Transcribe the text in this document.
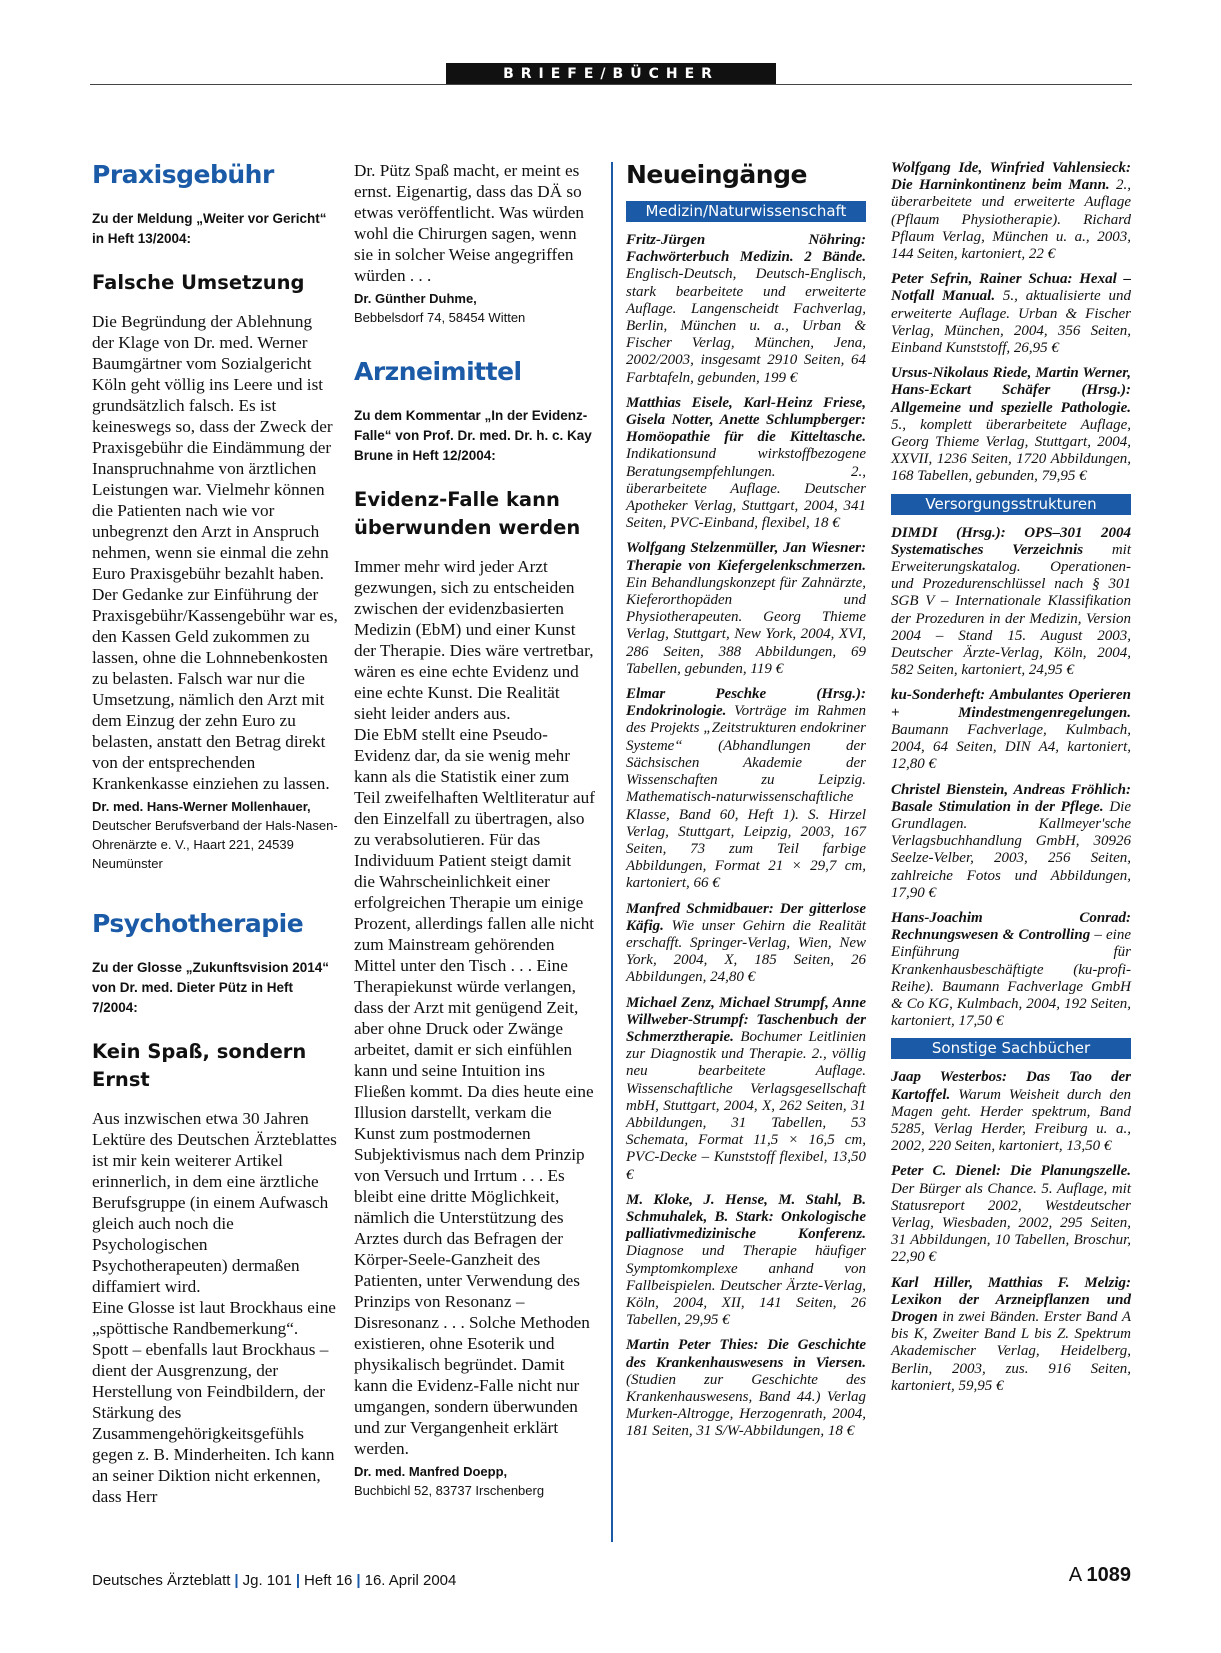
BRIEFE/BÜCHER
Praxisgebühr
Zu der Meldung „Weiter vor Gericht“ in Heft 13/2004:
Falsche Umsetzung

Die Begründung der Ablehnung der Klage von Dr. med. Werner Baumgärtner vom Sozialgericht Köln geht völlig ins Leere und ist grundsätzlich falsch. Es ist keineswegs so, dass der Zweck der Praxisgebühr die Eindämmung der Inanspruchnahme von ärztlichen Leistungen war. Vielmehr können die Patienten nach wie vor unbegrenzt den Arzt in Anspruch nehmen, wenn sie einmal die zehn Euro Praxisgebühr bezahlt haben.

Der Gedanke zur Einführung der Praxisgebühr/Kassengebühr war es, den Kassen Geld zukommen zu lassen, ohne die Lohnnebenkosten zu belasten. Falsch war nur die Umsetzung, nämlich den Arzt mit dem Einzug der zehn Euro zu belasten, anstatt den Betrag direkt von der entsprechenden Krankenkasse einziehen zu lassen.

Dr. med. Hans-Werner Mollenhauer,
Deutscher Berufsverband der Hals-Nasen-Ohrenärzte e. V., Haart 221, 24539 Neumünster
Psychotherapie
Zu der Glosse „Zukunftsvision 2014“ von Dr. med. Dieter Pütz in Heft 7/2004:
Kein Spaß, sondern Ernst

Aus inzwischen etwa 30 Jahren Lektüre des Deutschen Ärzteblattes ist mir kein weiterer Artikel erinnerlich, in dem eine ärztliche Berufsgruppe (in einem Aufwasch gleich auch noch die Psychologischen Psychotherapeuten) dermaßen diffamiert wird.

Eine Glosse ist laut Brockhaus eine „spöttische Randbemerkung“. Spott – ebenfalls laut Brockhaus – dient der Ausgrenzung, der Herstellung von Feindbildern, der Stärkung des Zusammengehörigkeitsgefühls gegen z. B. Minderheiten. Ich kann an seiner Diktion nicht erkennen, dass Herr

Dr. Pütz Spaß macht, er meint es ernst. Eigenartig, dass das DÄ so etwas veröffentlicht. Was würden wohl die Chirurgen sagen, wenn sie in solcher Weise angegriffen würden . . .

Dr. Günther Duhme,
Bebbelsdorf 74, 58454 Witten
Arzneimittel
Zu dem Kommentar „In der Evidenz-Falle“ von Prof. Dr. med. Dr. h. c. Kay Brune in Heft 12/2004:
Evidenz-Falle kann überwunden werden

Immer mehr wird jeder Arzt gezwungen, sich zu entscheiden zwischen der evidenzbasierten Medizin (EbM) und einer Kunst der Therapie. Dies wäre vertretbar, wären es eine echte Evidenz und eine echte Kunst. Die Realität sieht leider anders aus.

Die EbM stellt eine Pseudo-Evidenz dar, da sie wenig mehr kann als die Statistik einer zum Teil zweifelhaften Weltliteratur auf den Einzelfall zu übertragen, also zu verabsolutieren. Für das Individuum Patient steigt damit die Wahrscheinlichkeit einer erfolgreichen Therapie um einige Prozent, allerdings fallen alle nicht zum Mainstream gehörenden Mittel unter den Tisch . . . Eine Therapiekunst würde verlangen, dass der Arzt mit genügend Zeit, aber ohne Druck oder Zwänge arbeitet, damit er sich einfühlen kann und seine Intuition ins Fließen kommt. Da dies heute eine Illusion darstellt, verkam die Kunst zum postmodernen Subjektivismus nach dem Prinzip von Versuch und Irrtum . . . Es bleibt eine dritte Möglichkeit, nämlich die Unterstützung des Arztes durch das Befragen der Körper-Seele-Ganzheit des Patienten, unter Verwendung des Prinzips von Resonanz – Disresonanz . . . Solche Methoden existieren, ohne Esoterik und physikalisch begründet. Damit kann die Evidenz-Falle nicht nur umgangen, sondern überwunden und zur Vergangenheit erklärt werden.

Dr. med. Manfred Doepp,
Buchbichl 52, 83737 Irschenberg
Neueingänge
Medizin/Naturwissenschaft
Fritz-Jürgen Nöhring: Fachwörterbuch Medizin. 2 Bände. Englisch-Deutsch, Deutsch-Englisch, stark bearbeitete und erweiterte Auflage. Langenscheidt Fachverlag, Berlin, München u. a., Urban & Fischer Verlag, München, Jena, 2002/2003, insgesamt 2910 Seiten, 64 Farbtafeln, gebunden, 199 €
Matthias Eisele, Karl-Heinz Friese, Gisela Notter, Anette Schlumpberger: Homöopathie für die Kitteltasche. Indikationsund wirkstoffbezogene Beratungsempfehlungen. 2., überarbeitete Auflage. Deutscher Apotheker Verlag, Stuttgart, 2004, 341 Seiten, PVC-Einband, flexibel, 18 €
Wolfgang Stelzenmüller, Jan Wiesner: Therapie von Kiefergelenkschmerzen. Ein Behandlungskonzept für Zahnärzte, Kieferorthopäden und Physiotherapeuten. Georg Thieme Verlag, Stuttgart, New York, 2004, XVI, 286 Seiten, 388 Abbildungen, 69 Tabellen, gebunden, 119 €
Elmar Peschke (Hrsg.): Endokrinologie. Vorträge im Rahmen des Projekts „Zeitstrukturen endokriner Systeme“ (Abhandlungen der Sächsischen Akademie der Wissenschaften zu Leipzig. Mathematisch-naturwissenschaftliche Klasse, Band 60, Heft 1). S. Hirzel Verlag, Stuttgart, Leipzig, 2003, 167 Seiten, 73 zum Teil farbige Abbildungen, Format 21 × 29,7 cm, kartoniert, 66 €
Manfred Schmidbauer: Der gitterlose Käfig. Wie unser Gehirn die Realität erschafft. Springer-Verlag, Wien, New York, 2004, X, 185 Seiten, 26 Abbildungen, 24,80 €
Michael Zenz, Michael Strumpf, Anne Willweber-Strumpf: Taschenbuch der Schmerztherapie. Bochumer Leitlinien zur Diagnostik und Therapie. 2., völlig neu bearbeitete Auflage. Wissenschaftliche Verlagsgesellschaft mbH, Stuttgart, 2004, X, 262 Seiten, 31 Abbildungen, 31 Tabellen, 53 Schemata, Format 11,5 × 16,5 cm, PVC-Decke – Kunststoff flexibel, 13,50 €
M. Kloke, J. Hense, M. Stahl, B. Schmuhalek, B. Stark: Onkologische palliativmedizinische Konferenz. Diagnose und Therapie häufiger Symptomkomplexe anhand von Fallbeispielen. Deutscher Ärzte-Verlag, Köln, 2004, XII, 141 Seiten, 26 Tabellen, 29,95 €
Martin Peter Thies: Die Geschichte des Krankenhauswesens in Viersen. (Studien zur Geschichte des Krankenhauswesens, Band 44.) Verlag Murken-Altrogge, Herzogenrath, 2004, 181 Seiten, 31 S/W-Abbildungen, 18 €
Wolfgang Ide, Winfried Vahlensieck: Die Harninkontinenz beim Mann. 2., überarbeitete und erweiterte Auflage (Pflaum Physiotherapie). Richard Pflaum Verlag, München u. a., 2003, 144 Seiten, kartoniert, 22 €
Peter Sefrin, Rainer Schua: Hexal – Notfall Manual. 5., aktualisierte und erweiterte Auflage. Urban & Fischer Verlag, München, 2004, 356 Seiten, Einband Kunststoff, 26,95 €
Ursus-Nikolaus Riede, Martin Werner, Hans-Eckart Schäfer (Hrsg.): Allgemeine und spezielle Pathologie. 5., komplett überarbeitete Auflage, Georg Thieme Verlag, Stuttgart, 2004, XXVII, 1236 Seiten, 1720 Abbildungen, 168 Tabellen, gebunden, 79,95 €
Versorgungsstrukturen
DIMDI (Hrsg.): OPS–301 2004 Systematisches Verzeichnis mit Erweiterungskatalog. Operationen- und Prozedurenschlüssel nach § 301 SGB V – Internationale Klassifikation der Prozeduren in der Medizin, Version 2004 – Stand 15. August 2003, Deutscher Ärzte-Verlag, Köln, 2004, 582 Seiten, kartoniert, 24,95 €
ku-Sonderheft: Ambulantes Operieren + Mindestmengenregelungen. Baumann Fachverlage, Kulmbach, 2004, 64 Seiten, DIN A4, kartoniert, 12,80 €
Christel Bienstein, Andreas Fröhlich: Basale Stimulation in der Pflege. Die Grundlagen. Kallmeyer'sche Verlagsbuchhandlung GmbH, 30926 Seelze-Velber, 2003, 256 Seiten, zahlreiche Fotos und Abbildungen, 17,90 €
Hans-Joachim Conrad: Rechnungswesen & Controlling – eine Einführung für Krankenhausbeschäftigte (ku-profi-Reihe). Baumann Fachverlage GmbH & Co KG, Kulmbach, 2004, 192 Seiten, kartoniert, 17,50 €
Sonstige Sachbücher
Jaap Westerbos: Das Tao der Kartoffel. Warum Weisheit durch den Magen geht. Herder spektrum, Band 5285, Verlag Herder, Freiburg u. a., 2002, 220 Seiten, kartoniert, 13,50 €
Peter C. Dienel: Die Planungszelle. Der Bürger als Chance. 5. Auflage, mit Statusreport 2002, Westdeutscher Verlag, Wiesbaden, 2002, 295 Seiten, 31 Abbildungen, 10 Tabellen, Broschur, 22,90 €
Karl Hiller, Matthias F. Melzig: Lexikon der Arzneipflanzen und Drogen in zwei Bänden. Erster Band A bis K, Zweiter Band L bis Z. Spektrum Akademischer Verlag, Heidelberg, Berlin, 2003, zus. 916 Seiten, kartoniert, 59,95 €
Deutsches Ärzteblatt | Jg. 101 | Heft 16 | 16. April 2004	A 1089
